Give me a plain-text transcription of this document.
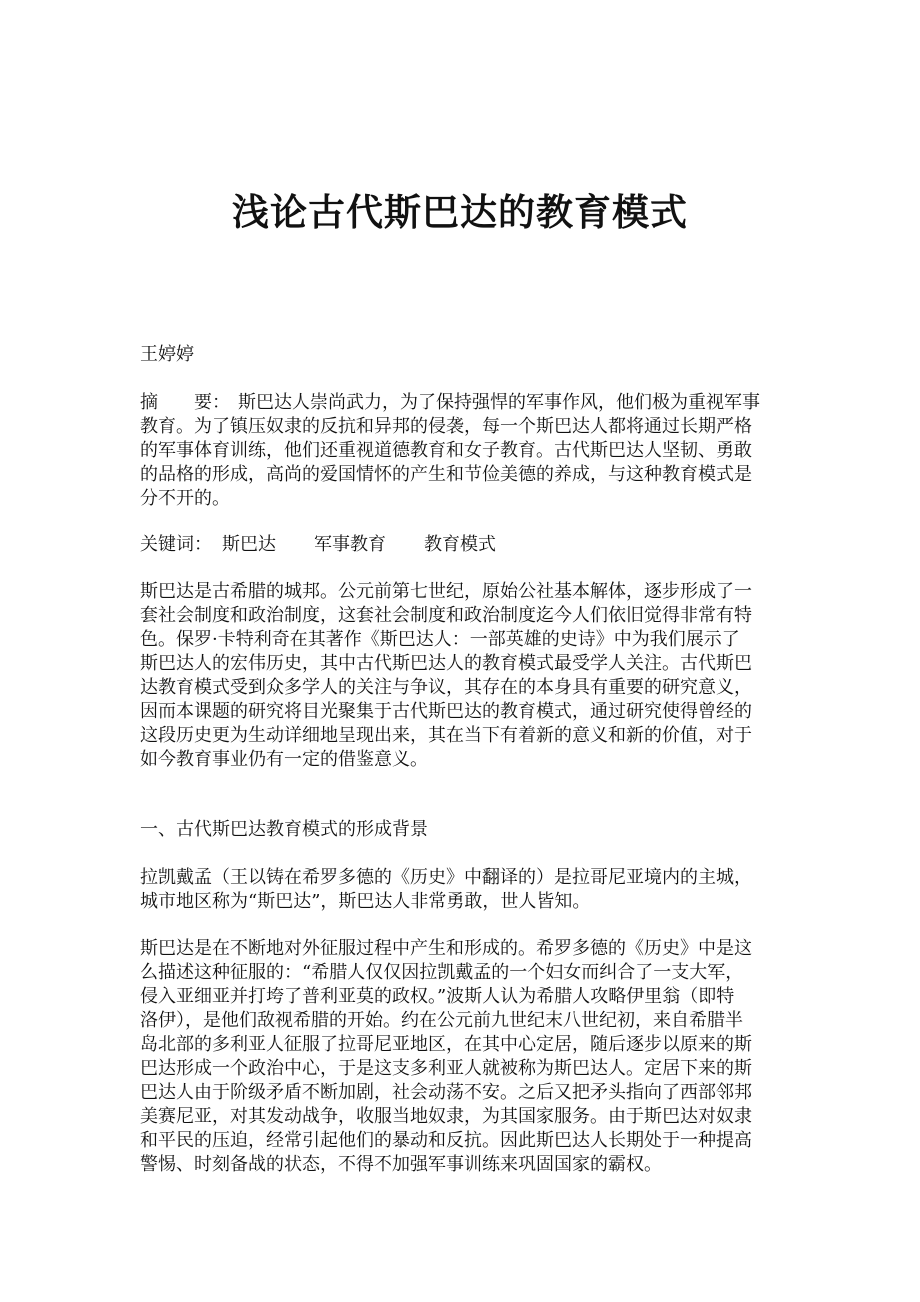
浅论古代斯巴达的教育模式
王婷婷
摘　　要： 斯巴达人崇尚武力，为了保持强悍的军事作风，他们极为重视军事
教育。为了镇压奴隶的反抗和异邦的侵袭，每一个斯巴达人都将通过长期严格
的军事体育训练，他们还重视道德教育和女子教育。古代斯巴达人坚韧、勇敢
的品格的形成，高尚的爱国情怀的产生和节俭美德的养成，与这种教育模式是
分不开的。
关键词： 斯巴达 军事教育 教育模式
斯巴达是古希腊的城邦。公元前第七世纪，原始公社基本解体，逐步形成了一
套社会制度和政治制度，这套社会制度和政治制度迄今人们依旧觉得非常有特
色。保罗·卡特利奇在其著作《斯巴达人：一部英雄的史诗》中为我们展示了
斯巴达人的宏伟历史，其中古代斯巴达人的教育模式最受学人关注。古代斯巴
达教育模式受到众多学人的关注与争议，其存在的本身具有重要的研究意义，
因而本课题的研究将目光聚集于古代斯巴达的教育模式，通过研究使得曾经的
这段历史更为生动详细地呈现出来，其在当下有着新的意义和新的价值，对于
如今教育事业仍有一定的借鉴意义。
一、古代斯巴达教育模式的形成背景
拉凯戴孟（王以铸在希罗多德的《历史》中翻译的）是拉哥尼亚境内的主城，
城市地区称为“斯巴达”，斯巴达人非常勇敢，世人皆知。
斯巴达是在不断地对外征服过程中产生和形成的。希罗多德的《历史》中是这
么描述这种征服的：“希腊人仅仅因拉凯戴孟的一个妇女而纠合了一支大军，
侵入亚细亚并打垮了普利亚莫的政权。”波斯人认为希腊人攻略伊里翁（即特
洛伊），是他们敌视希腊的开始。约在公元前九世纪末八世纪初，来自希腊半
岛北部的多利亚人征服了拉哥尼亚地区，在其中心定居，随后逐步以原来的斯
巴达形成一个政治中心，于是这支多利亚人就被称为斯巴达人。定居下来的斯
巴达人由于阶级矛盾不断加剧，社会动荡不安。之后又把矛头指向了西部邻邦
美赛尼亚，对其发动战争，收服当地奴隶，为其国家服务。由于斯巴达对奴隶
和平民的压迫，经常引起他们的暴动和反抗。因此斯巴达人长期处于一种提高
警惕、时刻备战的状态，不得不加强军事训练来巩固国家的霸权。
